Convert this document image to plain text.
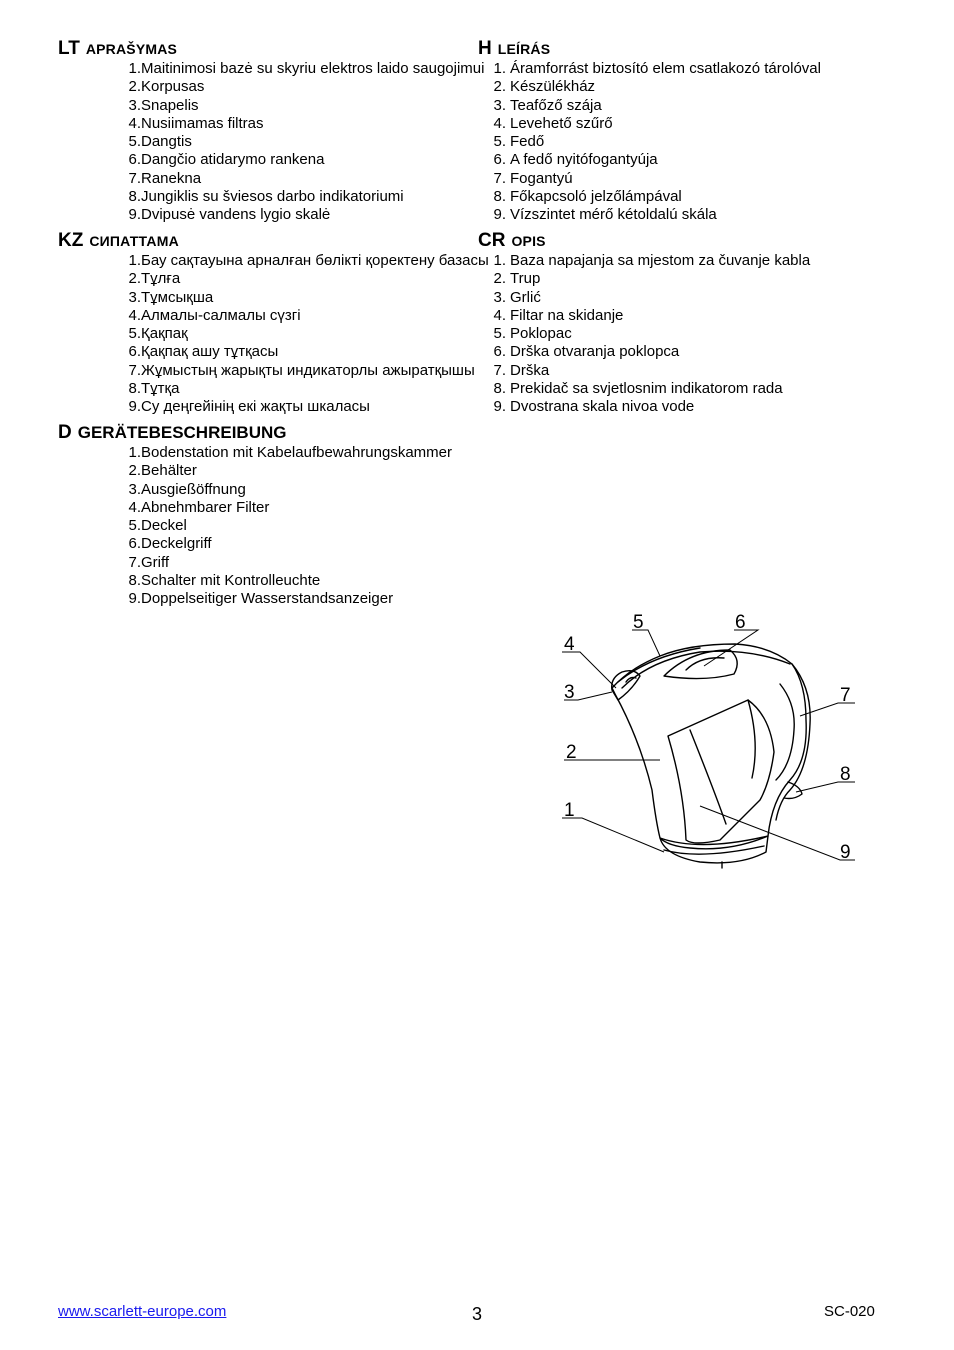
LT APRAŠYMAS
1.Maitinimosi bazė su skyriu elektros laido saugojimui
2.Korpusas
3.Snapelis
4.Nusiimamas filtras
5.Dangtis
6.Dangčio atidarymo rankena
7.Ranekna
8.Jungiklis su šviesos darbo indikatoriumi
9.Dvipusė vandens lygio skalė
KZ СИПАТТАМА
1.Бау сақтауына арналған бөлікті қоректену базасы
2.Тұлға
3.Тұмсықша
4.Алмалы-салмалы сүзгі
5.Қақпақ
6.Қақпақ ашу тұтқасы
7.Жұмыстың жарықты индикаторлы ажыратқышы
8.Тұтқа
9.Су деңгейінің екі жақты шкаласы
D GERÄTEBESCHREIBUNG
1.Bodenstation mit Kabelaufbewahrungskammer
2.Behälter
3.Ausgießöffnung
4.Abnehmbarer Filter
5.Deckel
6.Deckelgriff
7.Griff
8.Schalter mit Kontrolleuchte
9.Doppelseitiger Wasserstandsanzeiger
H LEÍRÁS
1. Áramforrást biztosító elem csatlakozó tárolóval
2. Készülékház
3. Teafőző szája
4. Levehető szűrő
5. Fedő
6. A fedő nyitófogantyúja
7. Fogantyú
8. Főkapcsoló jelzőlámpával
9. Vízszintet mérő kétoldalú skála
CR OPIS
1. Baza napajanja sa mjestom za čuvanje kabla
2. Trup
3. Grlić
4. Filtar na skidanje
5. Poklopac
6. Drška otvaranja poklopca
7. Drška
8. Prekidač sa svjetlosnim indikatorom rada
9. Dvostrana skala nivoa vode
1
2
3
4
5	6
7
8
9
www.scarlett-europe.com	3	SC-020
